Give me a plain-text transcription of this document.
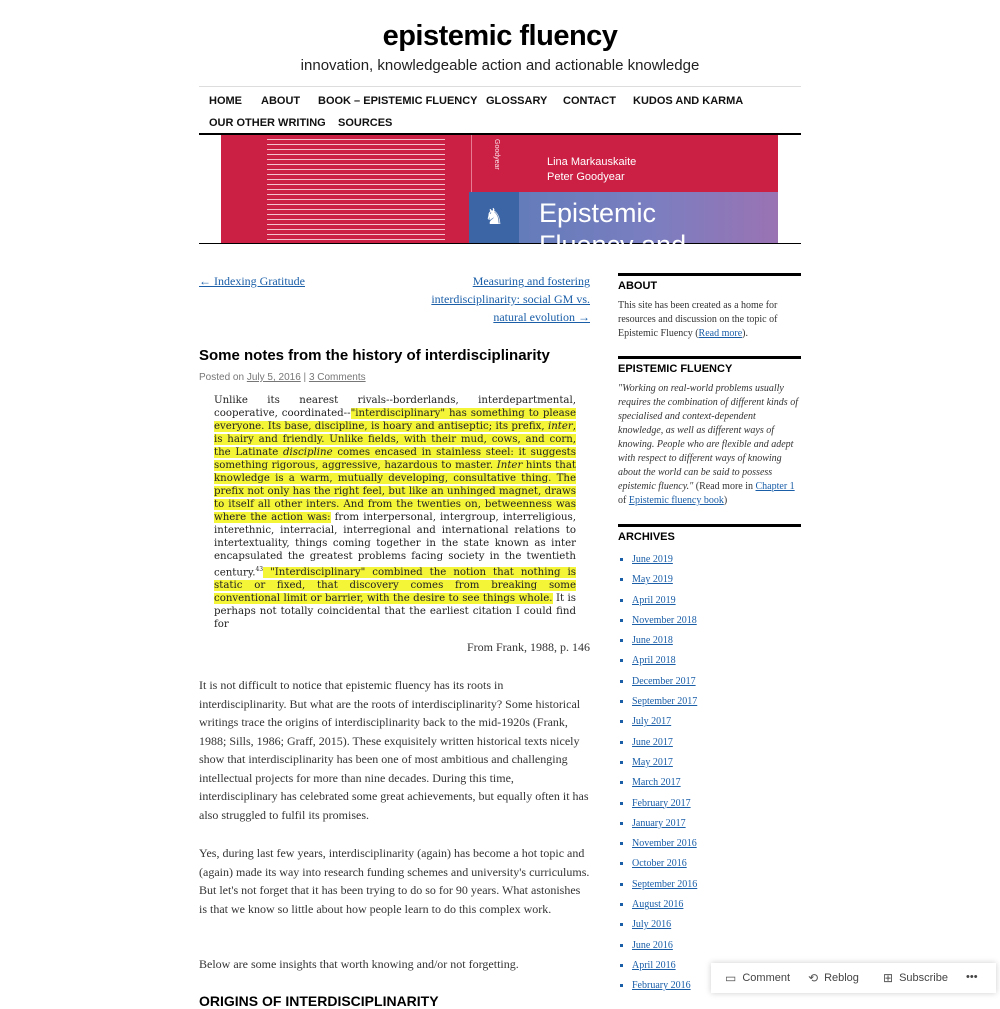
epistemic fluency
innovation, knowledgeable action and actionable knowledge
HOME ABOUT BOOK – EPISTEMIC FLUENCY GLOSSARY CONTACT KUDOS AND KARMA
OUR OTHER WRITING SOURCES
Goodyear	Lina Markauskaite
Peter Goodyear
♞	Epistemic
Fluency and
← Indexing Gratitude	Measuring and fostering
interdisciplinarity: social GM vs.
natural evolution →
Some notes from the history of interdisciplinarity
Posted on July 5, 2016 | 3 Comments
Unlike its nearest rivals--borderlands, interdepartmental, cooperative, coordinated--"interdisciplinary" has something to please everyone. Its base, discipline, is hoary and antiseptic; its prefix, inter, is hairy and friendly. Unlike fields, with their mud, cows, and corn, the Latinate discipline comes encased in stainless steel: it suggests something rigorous, aggressive, hazardous to master. Inter hints that knowledge is a warm, mutually developing, consultative thing. The prefix not only has the right feel, but like an unhinged magnet, draws to itself all other inters. And from the twenties on, betweenness was where the action was: from interpersonal, intergroup, interreligious, interethnic, interracial, interregional and international relations to intertextuality, things coming together in the state known as inter encapsulated the greatest problems facing society in the twentieth century.$^{43}$ "Interdisciplinary" combined the notion that nothing is static or fixed, that discovery comes from breaking some conventional limit or barrier, with the desire to see things whole. It is perhaps not totally coincidental that the earliest citation I could find for
From Frank, 1988, p. 146

It is not difficult to notice that epistemic fluency has its roots in interdisciplinarity. But what are the roots of interdisciplinarity? Some historical writings trace the origins of interdisciplinarity back to the mid-1920s (Frank, 1988; Sills, 1986; Graff, 2015). These exquisitely written historical texts nicely show that interdisciplinarity has been one of most ambitious and challenging intellectual projects for more than nine decades. During this time, interdisciplinary has celebrated some great achievements, but equally often it has also struggled to fulfil its promises.

Yes, during last few years, interdisciplinarity (again) has become a hot topic and (again) made its way into research funding schemes and university's curriculums. But let's not forget that it has been trying to do so for 90 years. What astonishes is that we know so little about how people learn to do this complex work.

Below are some insights that worth knowing and/or not forgetting.

ORIGINS OF INTERDISCIPLINARITY
ABOUT
This site has been created as a home for resources and discussion on the topic of Epistemic Fluency (Read more).
EPISTEMIC FLUENCY
"Working on real-world problems usually requires the combination of different kinds of specialised and context-dependent knowledge, as well as different ways of knowing. People who are flexible and adept with respect to different ways of knowing about the world can be said to possess epistemic fluency." (Read more in Chapter 1 of Epistemic fluency book)
ARCHIVES
▪ June 2019
▪ May 2019
▪ April 2019
▪ November 2018
▪ June 2018
▪ April 2018
▪ December 2017
▪ September 2017
▪ July 2017
▪ June 2017
▪ May 2017
▪ March 2017
▪ February 2017
▪ January 2017
▪ November 2016
▪ October 2016
▪ September 2016
▪ August 2016
▪ July 2016
▪ June 2016
▪ April 2016
▪ February 2016
▭ Comment ⟲ Reblog ⊞ Subscribe •••
